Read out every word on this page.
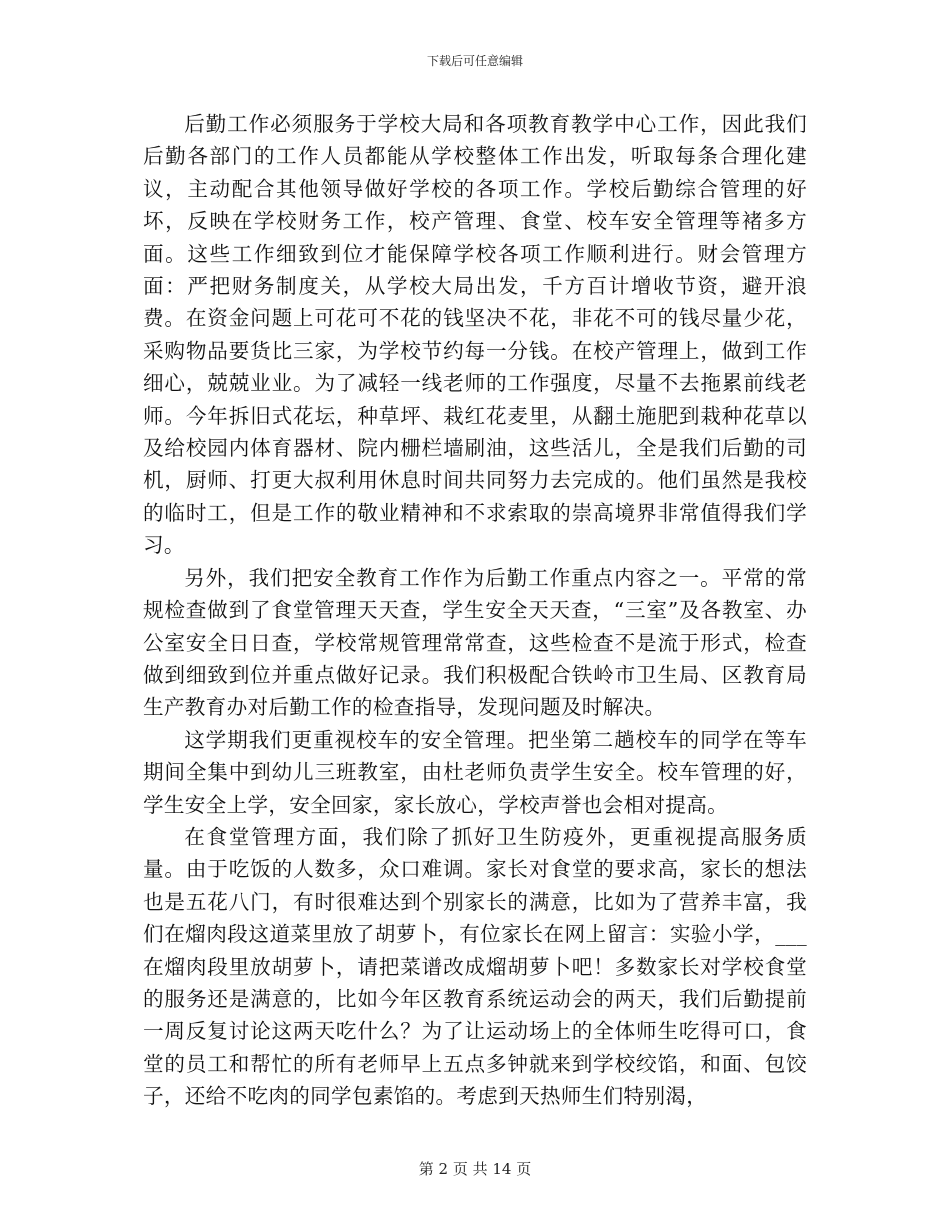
下载后可任意编辑

后勤工作必须服务于学校大局和各项教育教学中心工作，因此我们后勤各部门的工作人员都能从学校整体工作出发，听取每条合理化建议，主动配合其他领导做好学校的各项工作。学校后勤综合管理的好坏，反映在学校财务工作，校产管理、食堂、校车安全管理等褚多方面。这些工作细致到位才能保障学校各项工作顺利进行。财会管理方面：严把财务制度关，从学校大局出发，千方百计增收节资，避开浪费。在资金问题上可花可不花的钱坚决不花，非花不可的钱尽量少花，采购物品要货比三家，为学校节约每一分钱。在校产管理上，做到工作细心，兢兢业业。为了减轻一线老师的工作强度，尽量不去拖累前线老师。今年拆旧式花坛，种草坪、栽红花麦里，从翻土施肥到栽种花草以及给校园内体育器材、院内栅栏墙刷油，这些活儿，全是我们后勤的司机，厨师、打更大叔利用休息时间共同努力去完成的。他们虽然是我校的临时工，但是工作的敬业精神和不求索取的崇高境界非常值得我们学习。

另外，我们把安全教育工作作为后勤工作重点内容之一。平常的常规检查做到了食堂管理天天查，学生安全天天查，“三室”及各教室、办公室安全日日查，学校常规管理常常查，这些检查不是流于形式，检查做到细致到位并重点做好记录。我们积极配合铁岭市卫生局、区教育局生产教育办对后勤工作的检查指导，发现问题及时解决。

这学期我们更重视校车的安全管理。把坐第二趟校车的同学在等车期间全集中到幼儿三班教室，由杜老师负责学生安全。校车管理的好，学生安全上学，安全回家，家长放心，学校声誉也会相对提高。

在食堂管理方面，我们除了抓好卫生防疫外，更重视提高服务质量。由于吃饭的人数多，众口难调。家长对食堂的要求高，家长的想法也是五花八门，有时很难达到个别家长的满意，比如为了营养丰富，我们在熘肉段这道菜里放了胡萝卜，有位家长在网上留言：实验小学，___在熘肉段里放胡萝卜，请把菜谱改成熘胡萝卜吧！多数家长对学校食堂的服务还是满意的，比如今年区教育系统运动会的两天，我们后勤提前一周反复讨论这两天吃什么？为了让运动场上的全体师生吃得可口，食堂的员工和帮忙的所有老师早上五点多钟就来到学校绞馅，和面、包饺子，还给不吃肉的同学包素馅的。考虑到天热师生们特别渴，

第 2 页 共 14 页
